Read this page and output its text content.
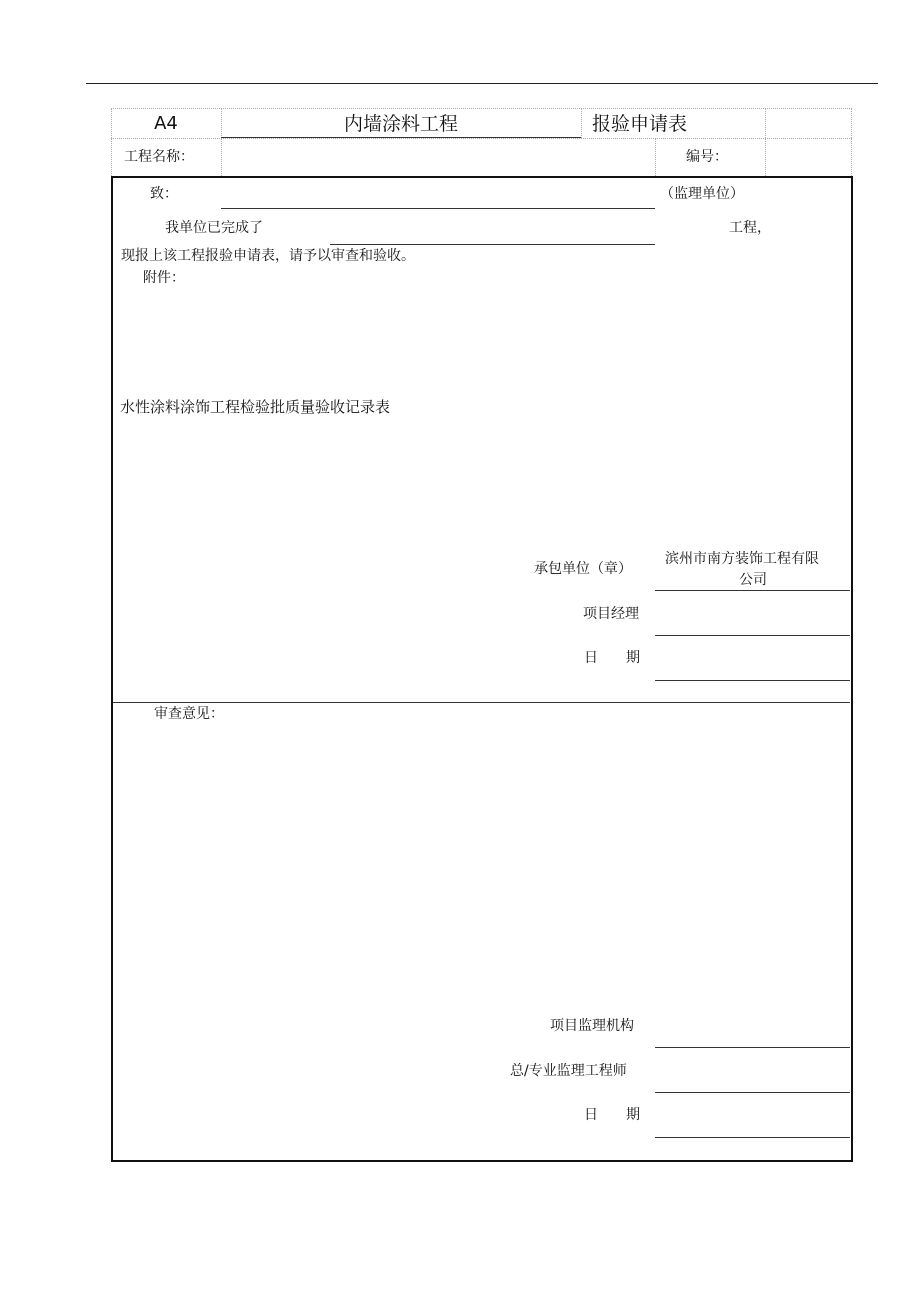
A4	内墙涂料工程	报验申请表
工程名称：	编号：
致：	（监理单位）
我单位已完成了	工程，
现报上该工程报验申请表，请予以审查和验收。
附件：
水性涂料涂饰工程检验批质量验收记录表
承包单位（章）
滨州市南方装饰工程有限
公司
项目经理
日　　期
审查意见：
项目监理机构
总/专业监理工程师
日　　期
